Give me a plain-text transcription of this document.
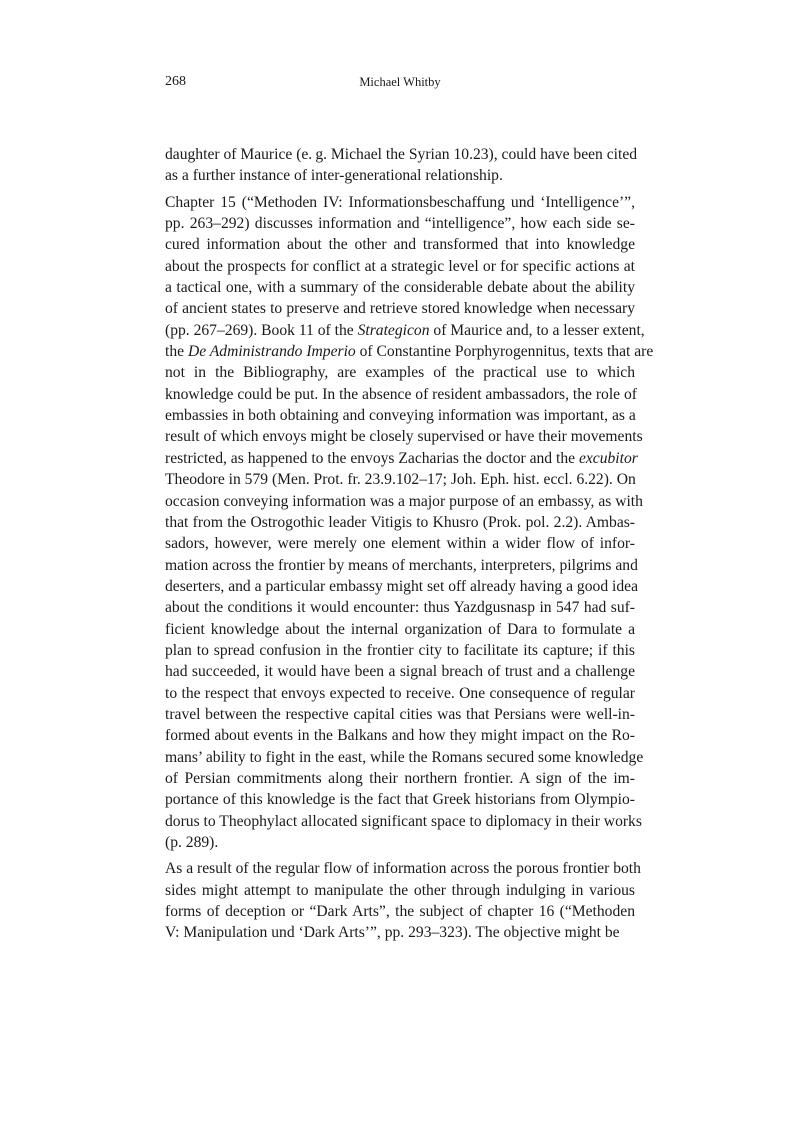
268	Michael Whitby

daughter of Maurice (e. g. Michael the Syrian 10.23), could have been cited
as a further instance of inter-generational relationship.

Chapter 15 (“Methoden IV: Informationsbeschaffung und ‘Intelligence’”,
pp. 263–292) discusses information and “intelligence”, how each side se-
cured information about the other and transformed that into knowledge
about the prospects for conflict at a strategic level or for specific actions at
a tactical one, with a summary of the considerable debate about the ability
of ancient states to preserve and retrieve stored knowledge when necessary
(pp. 267–269). Book 11 of the Strategicon of Maurice and, to a lesser extent,
the De Administrando Imperio of Constantine Porphyrogennitus, texts that are
not in the Bibliography, are examples of the practical use to which
knowledge could be put. In the absence of resident ambassadors, the role of
embassies in both obtaining and conveying information was important, as a
result of which envoys might be closely supervised or have their movements
restricted, as happened to the envoys Zacharias the doctor and the excubitor
Theodore in 579 (Men. Prot. fr. 23.9.102–17; Joh. Eph. hist. eccl. 6.22). On
occasion conveying information was a major purpose of an embassy, as with
that from the Ostrogothic leader Vitigis to Khusro (Prok. pol. 2.2). Ambas-
sadors, however, were merely one element within a wider flow of infor-
mation across the frontier by means of merchants, interpreters, pilgrims and
deserters, and a particular embassy might set off already having a good idea
about the conditions it would encounter: thus Yazdgusnasp in 547 had suf-
ficient knowledge about the internal organization of Dara to formulate a
plan to spread confusion in the frontier city to facilitate its capture; if this
had succeeded, it would have been a signal breach of trust and a challenge
to the respect that envoys expected to receive. One consequence of regular
travel between the respective capital cities was that Persians were well-in-
formed about events in the Balkans and how they might impact on the Ro-
mans’ ability to fight in the east, while the Romans secured some knowledge
of Persian commitments along their northern frontier. A sign of the im-
portance of this knowledge is the fact that Greek historians from Olympio-
dorus to Theophylact allocated significant space to diplomacy in their works
(p. 289).

As a result of the regular flow of information across the porous frontier both
sides might attempt to manipulate the other through indulging in various
forms of deception or “Dark Arts”, the subject of chapter 16 (“Methoden
V: Manipulation und ‘Dark Arts’”, pp. 293–323). The objective might be
